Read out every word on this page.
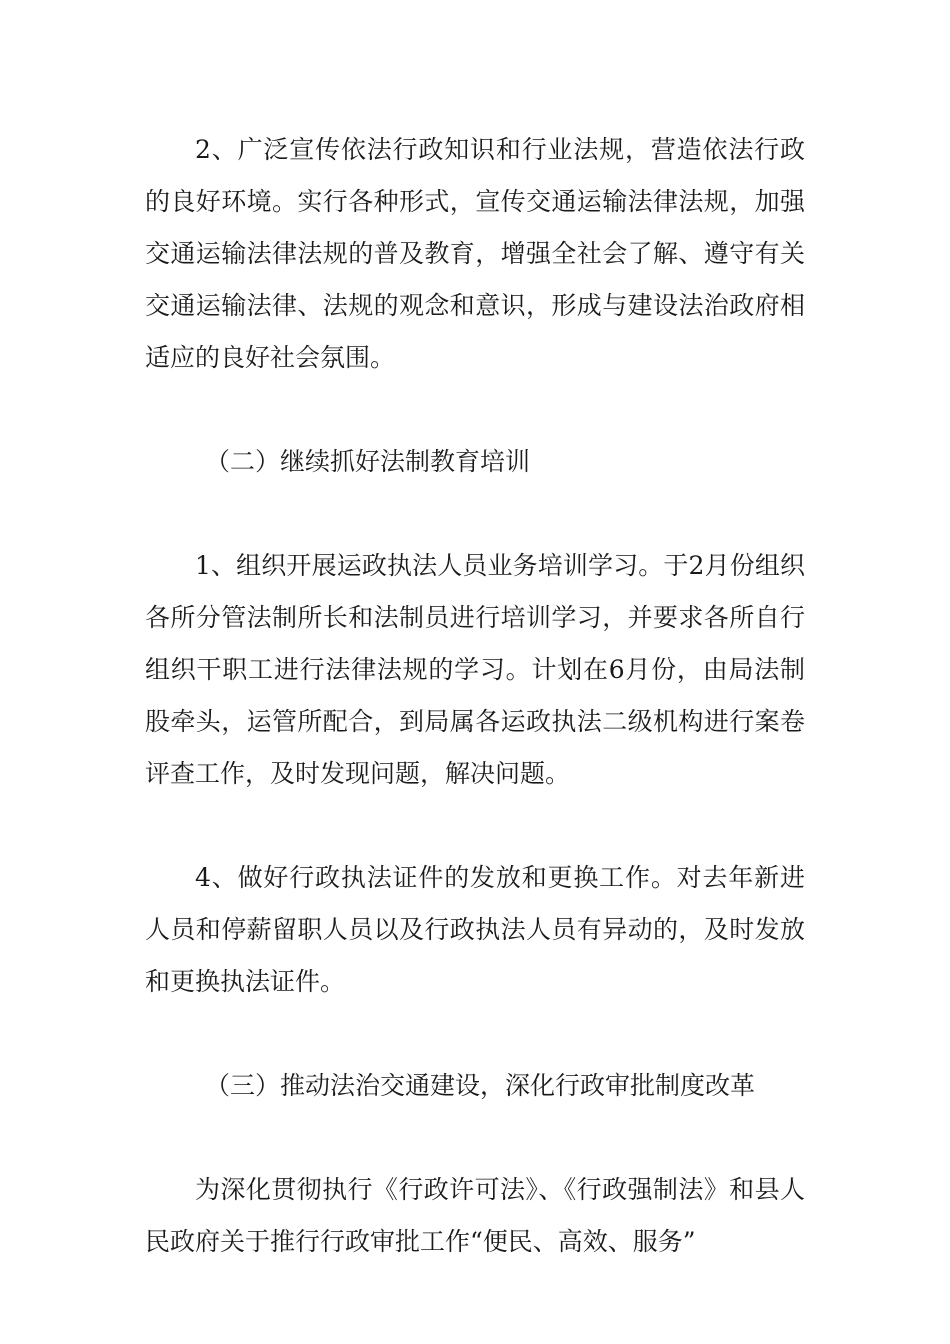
2、广泛宣传依法行政知识和行业法规，营造依法行政的良好环境。实行各种形式，宣传交通运输法律法规，加强交通运输法律法规的普及教育，增强全社会了解、遵守有关交通运输法律、法规的观念和意识，形成与建设法治政府相适应的良好社会氛围。

（二）继续抓好法制教育培训

1、组织开展运政执法人员业务培训学习。于2月份组织各所分管法制所长和法制员进行培训学习，并要求各所自行组织干职工进行法律法规的学习。计划在6月份，由局法制股牵头，运管所配合，到局属各运政执法二级机构进行案卷评查工作，及时发现问题，解决问题。

4、做好行政执法证件的发放和更换工作。对去年新进人员和停薪留职人员以及行政执法人员有异动的，及时发放和更换执法证件。

（三）推动法治交通建设，深化行政审批制度改革

为深化贯彻执行《行政许可法》、《行政强制法》和县人民政府关于推行行政审批工作“便民、高效、服务”
